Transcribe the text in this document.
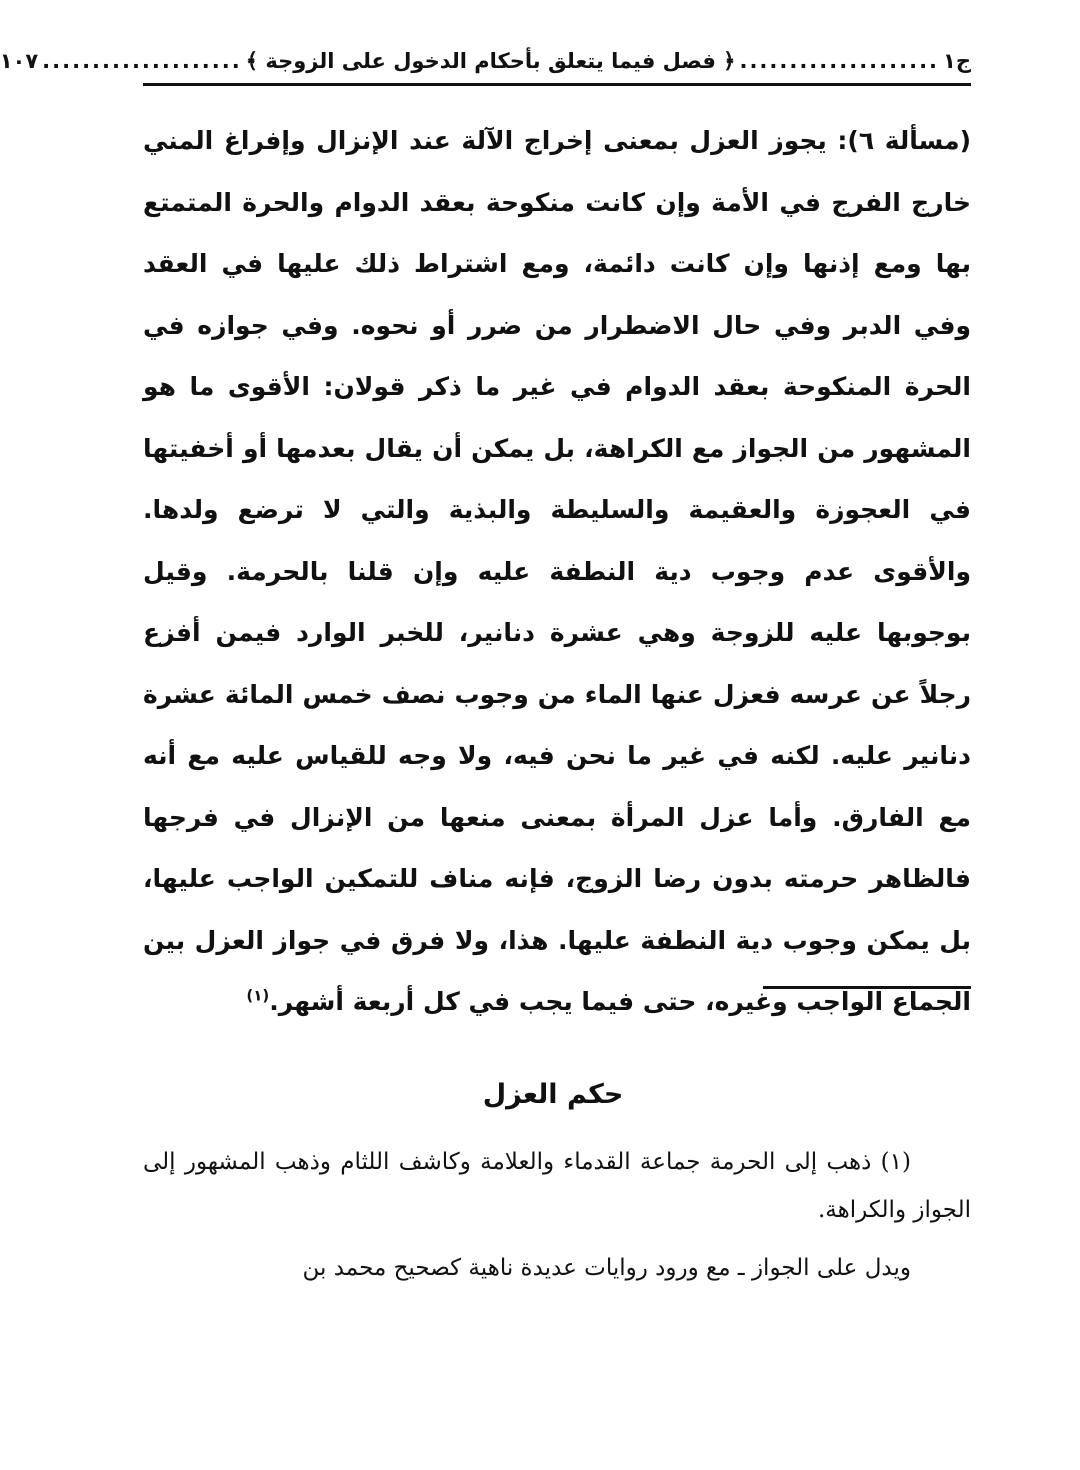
ج١
....................
﴿ فصل فيما يتعلق بأحكام الدخول على الزوجة ﴾
....................
١٠٧

(مسألة ٦): يجوز العزل بمعنى إخراج الآلة عند الإنزال وإفراغ المني خارج الفرج في الأمة وإن كانت منكوحة بعقد الدوام والحرة المتمتع بها ومع إذنها وإن كانت دائمة، ومع اشتراط ذلك عليها في العقد وفي الدبر وفي حال الاضطرار من ضرر أو نحوه. وفي جوازه في الحرة المنكوحة بعقد الدوام في غير ما ذكر قولان: الأقوى ما هو المشهور من الجواز مع الكراهة، بل يمكن أن يقال بعدمها أو أخفيتها في العجوزة والعقيمة والسليطة والبذية والتي لا ترضع ولدها. والأقوى عدم وجوب دية النطفة عليه وإن قلنا بالحرمة. وقيل بوجوبها عليه للزوجة وهي عشرة دنانير، للخبر الوارد فيمن أفزع رجلاً عن عرسه فعزل عنها الماء من وجوب نصف خمس المائة عشرة دنانير عليه. لكنه في غير ما نحن فيه، ولا وجه للقياس عليه مع أنه مع الفارق. وأما عزل المرأة بمعنى منعها من الإنزال في فرجها فالظاهر حرمته بدون رضا الزوج، فإنه مناف للتمكين الواجب عليها، بل يمكن وجوب دية النطفة عليها. هذا، ولا فرق في جواز العزل بين الجماع الواجب وغيره، حتى فيما يجب في كل أربعة أشهر.$^{(١)}$

حكم العزل

(١) ذهب إلى الحرمة جماعة القدماء والعلامة وكاشف اللثام وذهب المشهور إلى الجواز والكراهة.

ويدل على الجواز ـ مع ورود روايات عديدة ناهية كصحيح محمد بن
